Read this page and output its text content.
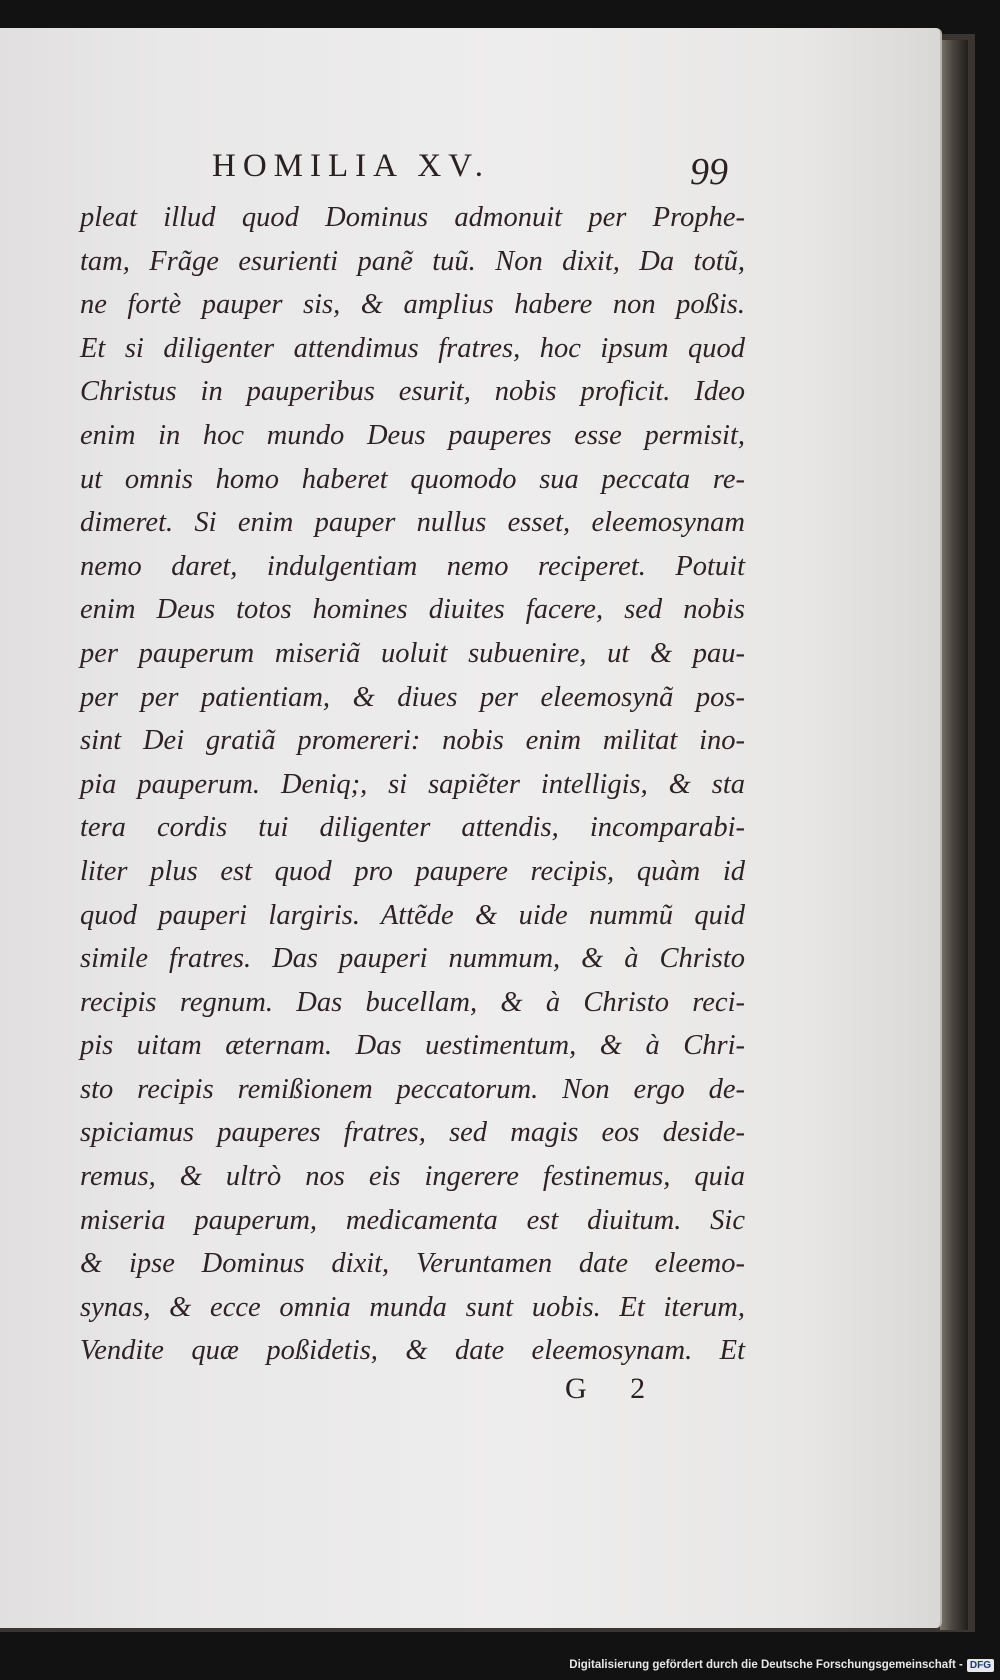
HOMILIA XV.	99
pleat illud quod Dominus admonuit per Prophe-
tam, Frãge esurienti panẽ tuũ. Non dixit, Da totũ,
ne fortè pauper sis, & amplius habere non poßis.
Et si diligenter attendimus fratres, hoc ipsum quod
Christus in pauperibus esurit, nobis proficit. Ideo
enim in hoc mundo Deus pauperes esse permisit,
ut omnis homo haberet quomodo sua peccata re-
dimeret. Si enim pauper nullus esset, eleemosynam
nemo daret, indulgentiam nemo reciperet. Potuit
enim Deus totos homines diuites facere, sed nobis
per pauperum miseriã uoluit subuenire, ut & pau-
per per patientiam, & diues per eleemosynã pos-
sint Dei gratiã promereri: nobis enim militat ino-
pia pauperum. Deniq;, si sapiẽter intelligis, & sta
tera cordis tui diligenter attendis, incomparabi-
liter plus est quod pro paupere recipis, quàm id
quod pauperi largiris. Attẽde & uide nummũ quid
simile fratres. Das pauperi nummum, & à Christo
recipis regnum. Das bucellam, & à Christo reci-
pis uitam æternam. Das uestimentum, & à Chri-
sto recipis remißionem peccatorum. Non ergo de-
spiciamus pauperes fratres, sed magis eos deside-
remus, & ultrò nos eis ingerere festinemus, quia
miseria pauperum, medicamenta est diuitum. Sic
& ipse Dominus dixit, Veruntamen date eleemo-
synas, & ecce omnia munda sunt uobis. Et iterum,
Vendite quæ poßidetis, & date eleemosynam. Et
G 2
Digitalisierung gefördert durch die Deutsche Forschungsgemeinschaft - DFG
